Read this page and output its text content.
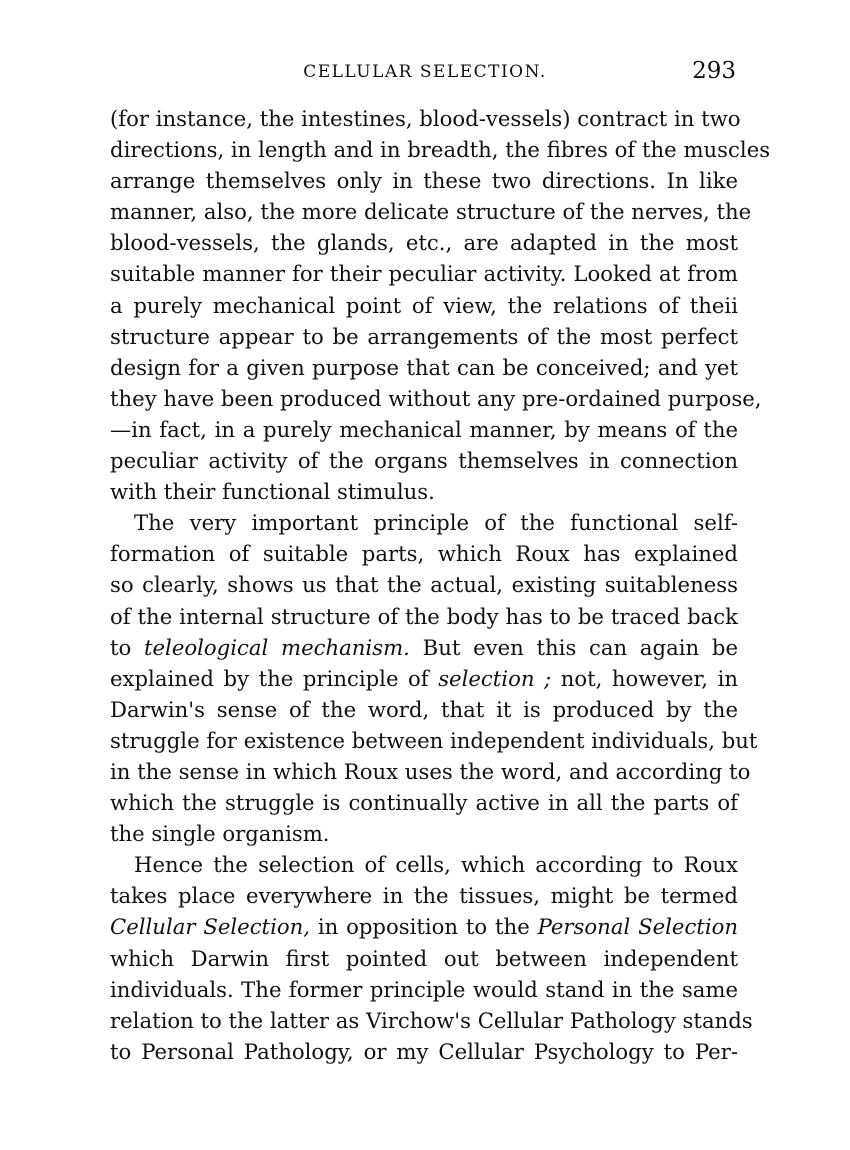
CELLULAR SELECTION.	293
(for instance, the intestines, blood-vessels) contract in two
directions, in length and in breadth, the fibres of the muscles
arrange themselves only in these two directions. In like
manner, also, the more delicate structure of the nerves, the
blood-vessels, the glands, etc., are adapted in the most
suitable manner for their peculiar activity. Looked at from
a purely mechanical point of view, the relations of theii
structure appear to be arrangements of the most perfect
design for a given purpose that can be conceived; and yet
they have been produced without any pre-ordained purpose,
—in fact, in a purely mechanical manner, by means of the
peculiar activity of the organs themselves in connection
with their functional stimulus.
The very important principle of the functional self-
formation of suitable parts, which Roux has explained
so clearly, shows us that the actual, existing suitableness
of the internal structure of the body has to be traced back
to teleological mechanism. But even this can again be
explained by the principle of selection ; not, however, in
Darwin's sense of the word, that it is produced by the
struggle for existence between independent individuals, but
in the sense in which Roux uses the word, and according to
which the struggle is continually active in all the parts of
the single organism.
Hence the selection of cells, which according to Roux
takes place everywhere in the tissues, might be termed
Cellular Selection, in opposition to the Personal Selection
which Darwin first pointed out between independent
individuals. The former principle would stand in the same
relation to the latter as Virchow's Cellular Pathology stands
to Personal Pathology, or my Cellular Psychology to Per-
